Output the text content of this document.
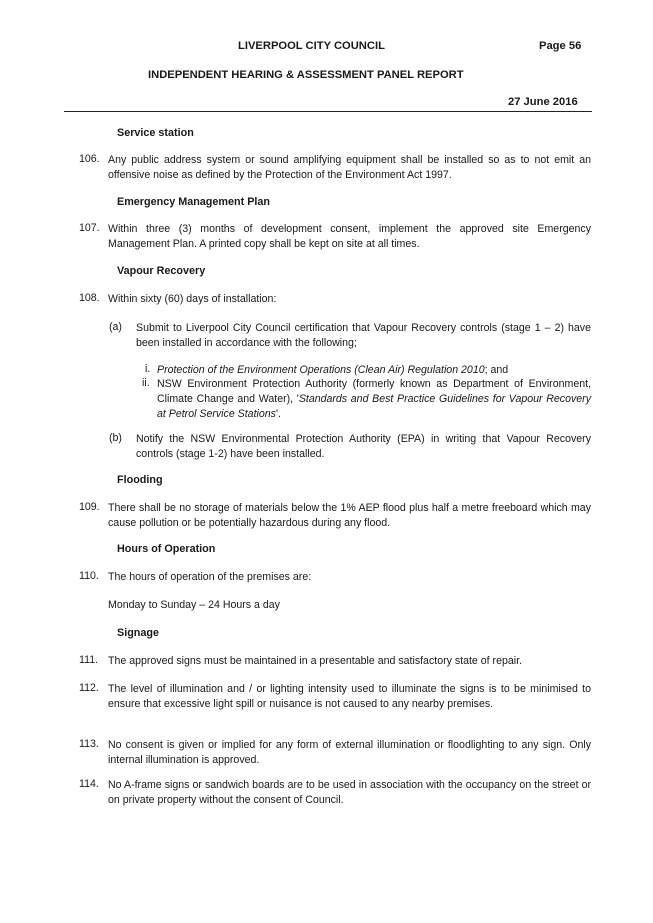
LIVERPOOL CITY COUNCIL	Page 56
INDEPENDENT HEARING & ASSESSMENT PANEL REPORT
27 June 2016
Service station
106. Any public address system or sound amplifying equipment shall be installed so as to not emit an offensive noise as defined by the Protection of the Environment Act 1997.
Emergency Management Plan
107. Within three (3) months of development consent, implement the approved site Emergency Management Plan. A printed copy shall be kept on site at all times.
Vapour Recovery
108. Within sixty (60) days of installation:
(a) Submit to Liverpool City Council certification that Vapour Recovery controls (stage 1 – 2) have been installed in accordance with the following;
i. Protection of the Environment Operations (Clean Air) Regulation 2010; and
ii. NSW Environment Protection Authority (formerly known as Department of Environment, Climate Change and Water), 'Standards and Best Practice Guidelines for Vapour Recovery at Petrol Service Stations'.
(b) Notify the NSW Environmental Protection Authority (EPA) in writing that Vapour Recovery controls (stage 1-2) have been installed.
Flooding
109. There shall be no storage of materials below the 1% AEP flood plus half a metre freeboard which may cause pollution or be potentially hazardous during any flood.
Hours of Operation
110. The hours of operation of the premises are:
Monday to Sunday – 24 Hours a day
Signage
111. The approved signs must be maintained in a presentable and satisfactory state of repair.
112. The level of illumination and / or lighting intensity used to illuminate the signs is to be minimised to ensure that excessive light spill or nuisance is not caused to any nearby premises.
113. No consent is given or implied for any form of external illumination or floodlighting to any sign. Only internal illumination is approved.
114. No A-frame signs or sandwich boards are to be used in association with the occupancy on the street or on private property without the consent of Council.
